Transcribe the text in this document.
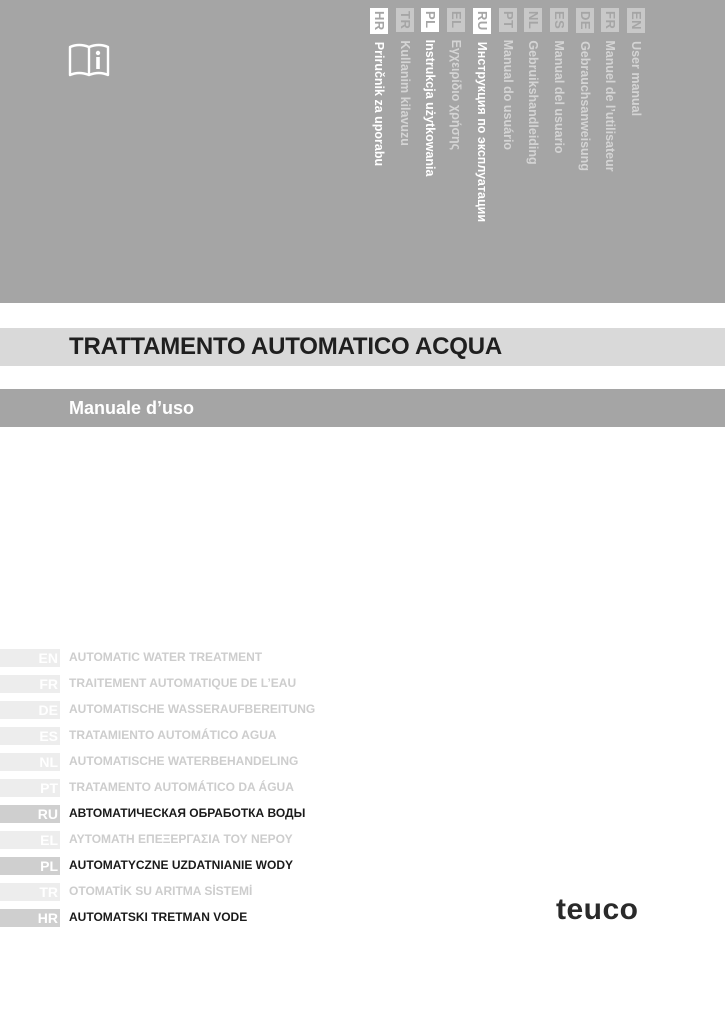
EN
User manual
FR
Manuel de l’utilisateur
DE
Gebrauchsanweisung
ES
Manual del usuario
NL
Gebruikshandleiding
PT
Manual do usuário
RU
Инструкция по эксплуатации
EL
Εγχειρίδιο χρήσης
PL
Instrukcja użytkowania
TR
Kullanim kilavuzu
HR
Priručnik za uporabu
TRATTAMENTO AUTOMATICO ACQUA
Manuale d’uso
EN AUTOMATIC WATER TREATMENT
FR TRAITEMENT AUTOMATIQUE DE L’EAU
DE AUTOMATISCHE WASSERAUFBEREITUNG
ES TRATAMIENTO AUTOMÁTICO AGUA
NL AUTOMATISCHE WATERBEHANDELING
PT TRATAMENTO AUTOMÁTICO DA ÁGUA
RU АВТОМАТИЧЕСКАЯ ОБРАБОТКА ВОДЫ
EL ΑΥΤΟΜΑΤΗ ΕΠΕΞΕΡΓΑΣΙΑ ΤΟΥ ΝΕΡΟΥ
PL AUTOMATYCZNE UZDATNIANIE WODY
TR OTOMATİK SU ARITMA SİSTEMİ
HR AUTOMATSKI TRETMAN VODE	teuco
